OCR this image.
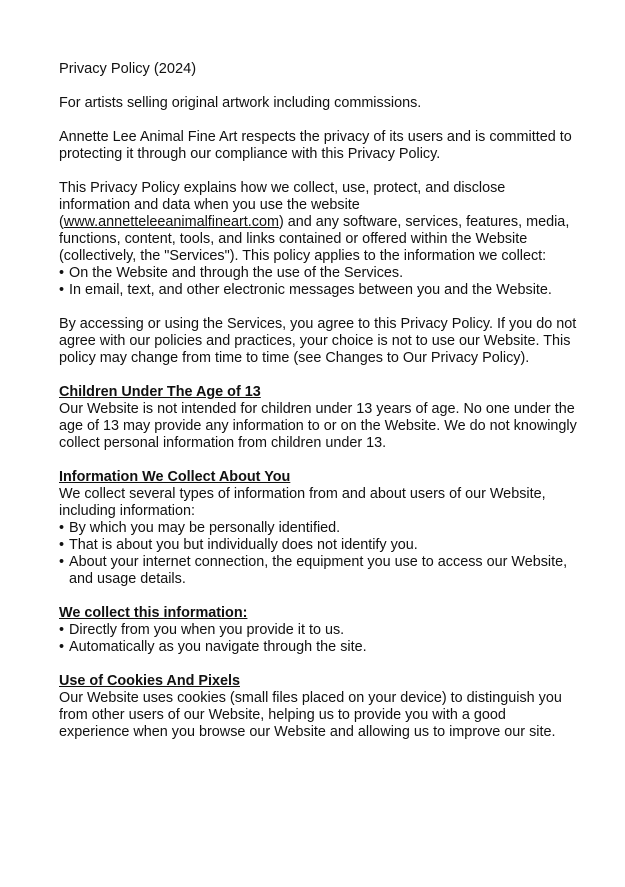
Privacy Policy (2024)

For artists selling original artwork including commissions.

Annette Lee Animal Fine Art respects the privacy of its users and is committed to protecting it through our compliance with this Privacy Policy.

This Privacy Policy explains how we collect, use, protect, and disclose information and data when you use the website (www.annetteleeanimalfineart.com) and any software, services, features, media, functions, content, tools, and links contained or offered within the Website (collectively, the "Services"). This policy applies to the information we collect:

• On the Website and through the use of the Services.
• In email, text, and other electronic messages between you and the Website.

By accessing or using the Services, you agree to this Privacy Policy. If you do not agree with our policies and practices, your choice is not to use our Website. This policy may change from time to time (see Changes to Our Privacy Policy).

Children Under The Age of 13

Our Website is not intended for children under 13 years of age. No one under the age of 13 may provide any information to or on the Website. We do not knowingly collect personal information from children under 13.

Information We Collect About You

We collect several types of information from and about users of our Website, including information:

• By which you may be personally identified.
• That is about you but individually does not identify you.
• About your internet connection, the equipment you use to access our Website, and usage details.

We collect this information:

• Directly from you when you provide it to us.
• Automatically as you navigate through the site.

Use of Cookies And Pixels

Our Website uses cookies (small files placed on your device) to distinguish you from other users of our Website, helping us to provide you with a good experience when you browse our Website and allowing us to improve our site.
